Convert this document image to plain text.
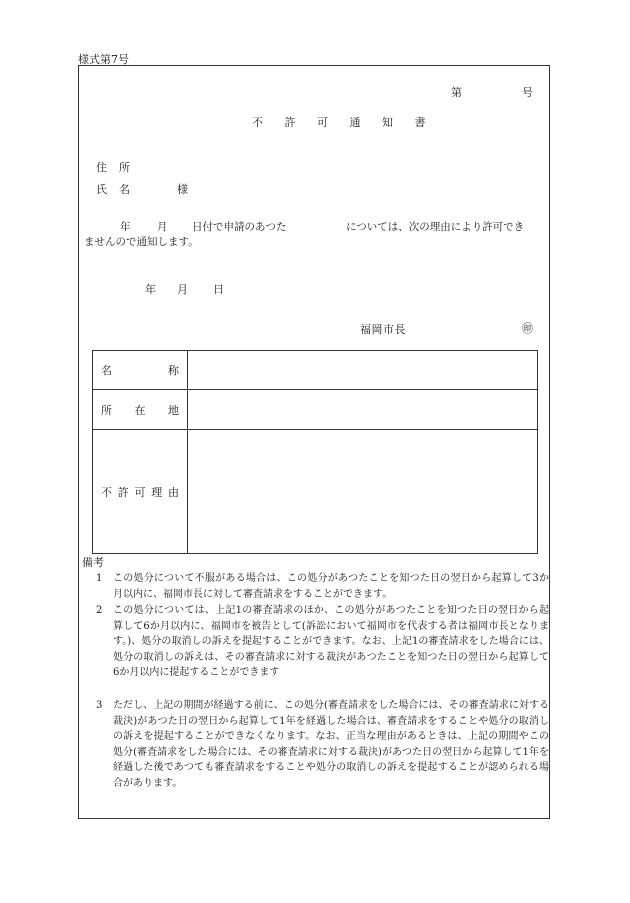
様式第7号
第	号
不 許 可 通 知 書
住　所
氏　名	様
年	月 日付で申請のあつた	については、次の理由により許可でき
ませんので通知します。
年 月 日
福岡市長	㊞
名 称	

所 在 地	

不 許 可 理 由	

備考
1 この処分について不服がある場合は、この処分があつたことを知つた日の翌日から起算して3か月以内に、福岡市長に対して審査請求をすることができます。
2 この処分については、上記1の審査請求のほか、この処分があつたことを知つた日の翌日から起算して6か月以内に、福岡市を被告として(訴訟において福岡市を代表する者は福岡市長となります。)、処分の取消しの訴えを提起することができます。なお、上記1の審査請求をした場合には、処分の取消しの訴えは、その審査請求に対する裁決があつたことを知つた日の翌日から起算して6か月以内に提起することができます
3 ただし、上記の期間が経過する前に、この処分(審査請求をした場合には、その審査請求に対する裁決)があつた日の翌日から起算して1年を経過した場合は、審査請求をすることや処分の取消しの訴えを提起することができなくなります。なお、正当な理由があるときは、上記の期間やこの処分(審査請求をした場合には、その審査請求に対する裁決)があつた日の翌日から起算して1年を経過した後であつても審査請求をすることや処分の取消しの訴えを提起することが認められる場合があります。
